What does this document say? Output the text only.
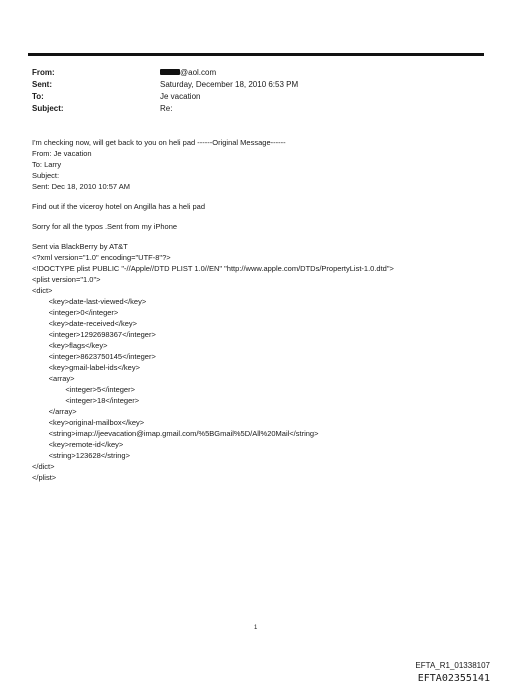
From:	@aol.com
Sent:	Saturday, December 18, 2010 6:53 PM
To:	Je vacation
Subject:	Re:
I'm checking now, will get back to you on heli pad ------Original Message------
From: Je vacation
To: Larry
Subject:
Sent: Dec 18, 2010 10:57 AM
Find out if the viceroy hotel on Angilla has a heli pad
Sorry for all the typos .Sent from my iPhone
Sent via BlackBerry by AT&T
<?xml version="1.0" encoding="UTF-8"?>
<!DOCTYPE plist PUBLIC "-//Apple//DTD PLIST 1.0//EN" "http://www.apple.com/DTDs/PropertyList-1.0.dtd">
<plist version="1.0">
<dict>
<key>date-last-viewed</key>
<integer>0</integer>
<key>date-received</key>
<integer>1292698367</integer>
<key>flags</key>
<integer>8623750145</integer>
<key>gmail-label-ids</key>
<array>
<integer>5</integer>
<integer>18</integer>
</array>
<key>original-mailbox</key>
<string>imap://jeevacation@imap.gmail.com/%5BGmail%5D/All%20Mail</string>
<key>remote-id</key>
<string>123628</string>
</dict>
</plist>
1
EFTA_R1_01338107
EFTA02355141
